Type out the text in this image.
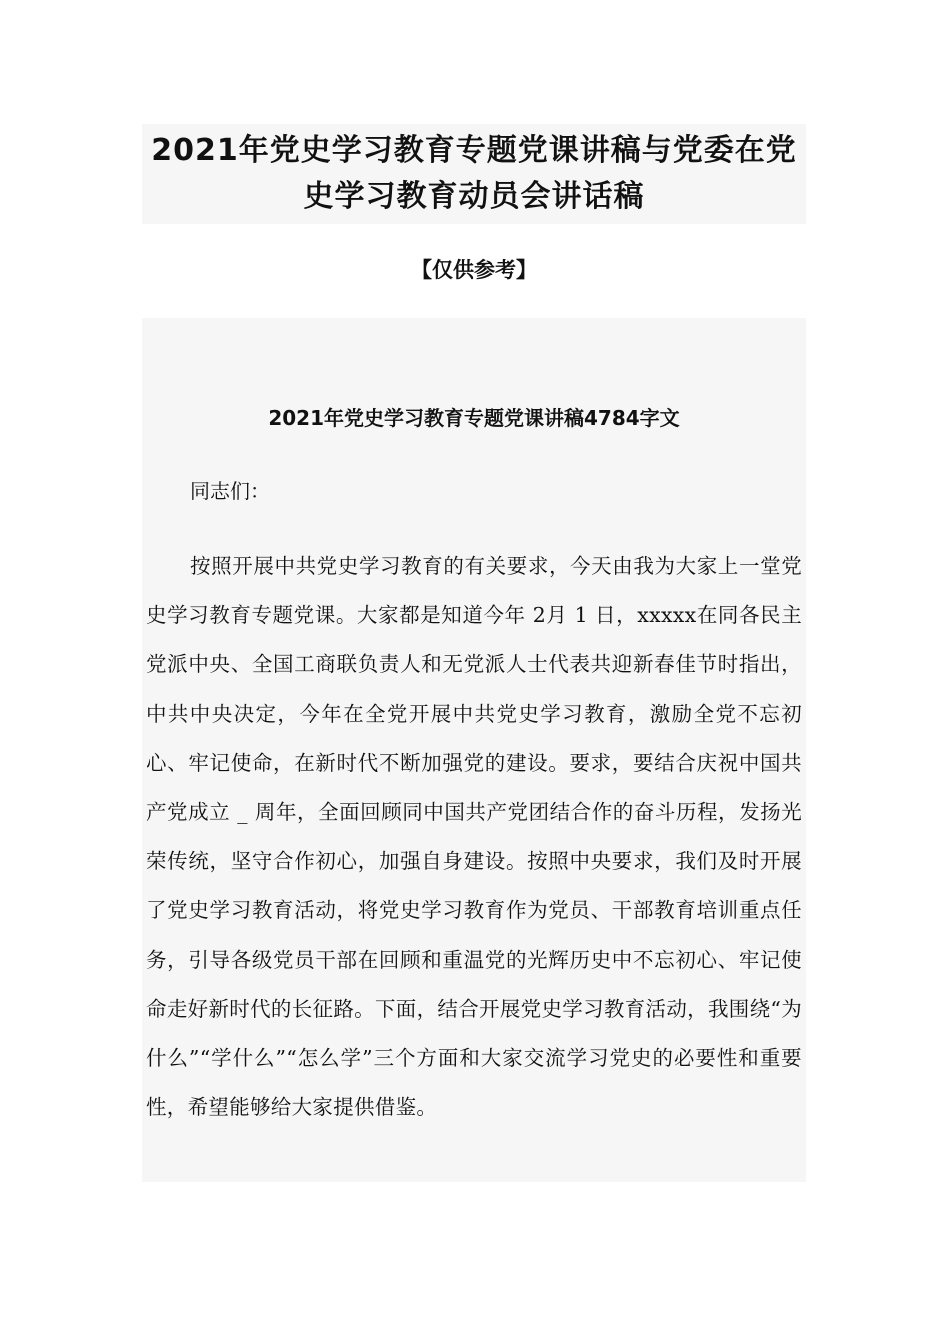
2021年党史学习教育专题党课讲稿与党委在党史学习教育动员会讲话稿
【仅供参考】
2021年党史学习教育专题党课讲稿4784字文
同志们：

按照开展中共党史学习教育的有关要求，今天由我为大家上一堂党史学习教育专题党课。大家都是知道今年 2月 1 日，xxxxx在同各民主党派中央、全国工商联负责人和无党派人士代表共迎新春佳节时指出，中共中央决定，今年在全党开展中共党史学习教育，激励全党不忘初心、牢记使命，在新时代不断加强党的建设。要求，要结合庆祝中国共产党成立 _ 周年，全面回顾同中国共产党团结合作的奋斗历程，发扬光荣传统，坚守合作初心，加强自身建设。按照中央要求，我们及时开展了党史学习教育活动，将党史学习教育作为党员、干部教育培训重点任务，引导各级党员干部在回顾和重温党的光辉历史中不忘初心、牢记使命走好新时代的长征路。下面，结合开展党史学习教育活动，我围绕“为什么”“学什么”“怎么学”三个方面和大家交流学习党史的必要性和重要性，希望能够给大家提供借鉴。
